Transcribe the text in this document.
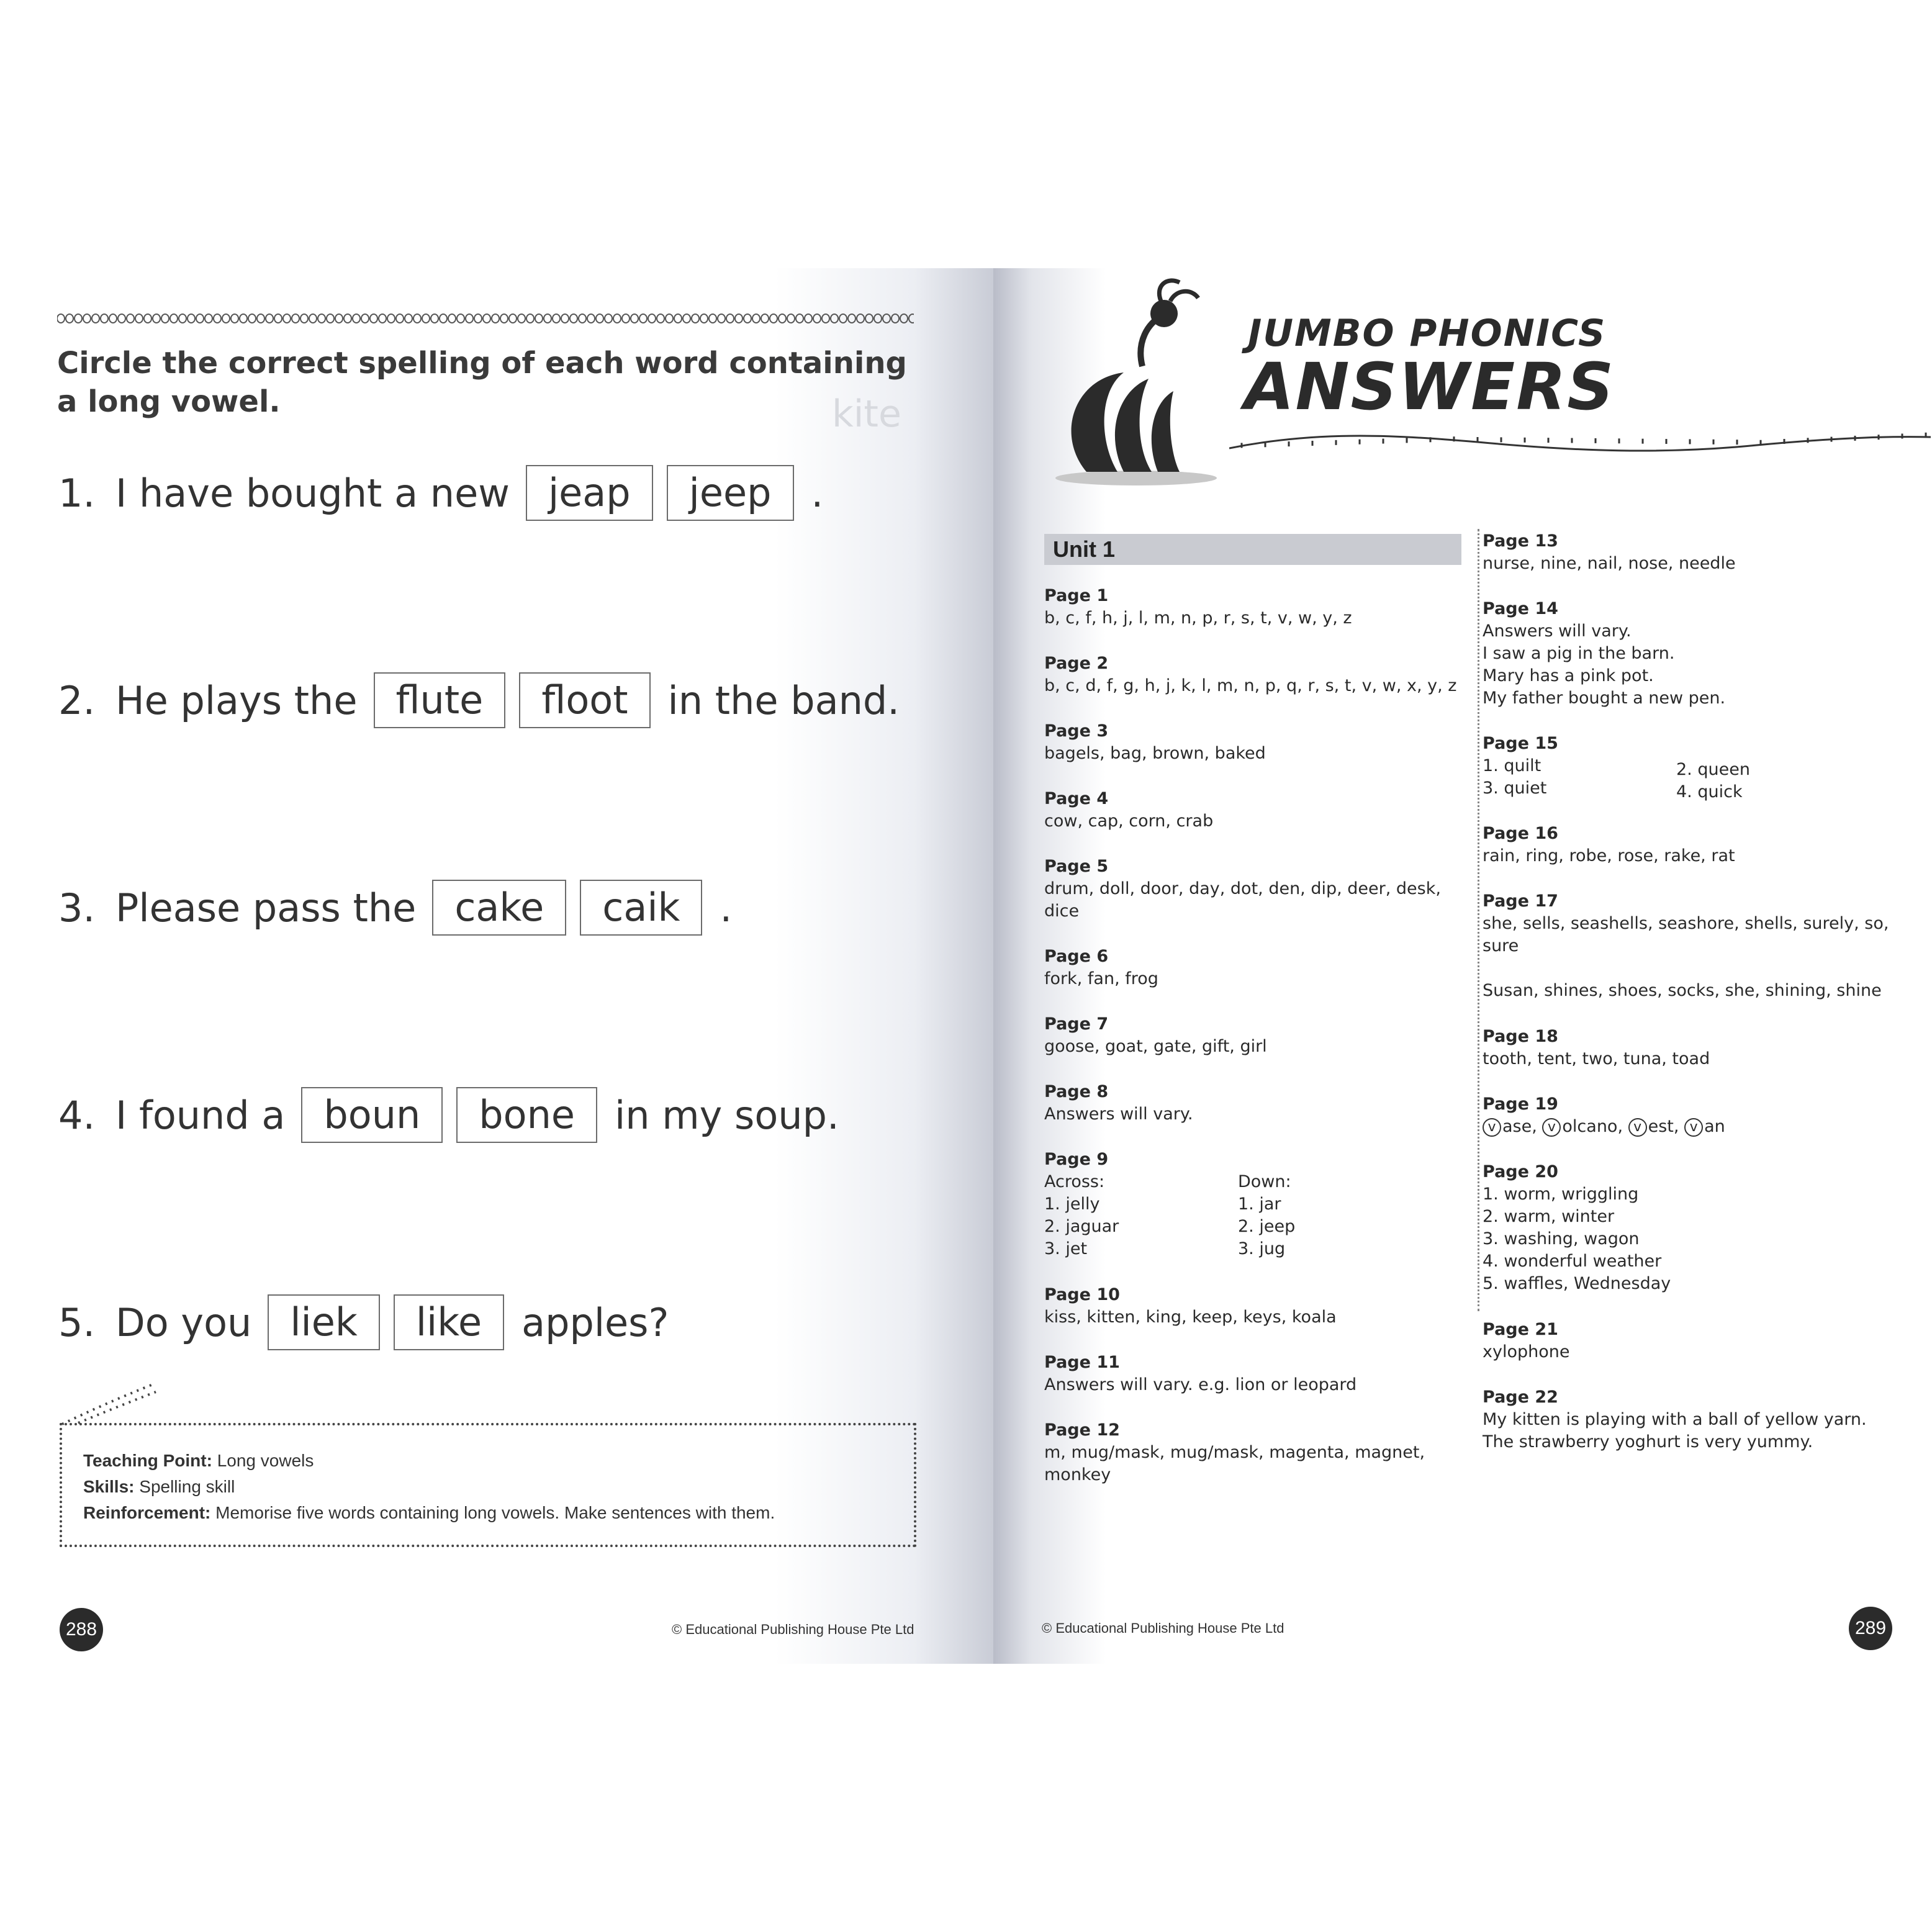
kite
Circle the correct spelling of each word containing a long vowel.
1. I have bought a new	jeap	jeep	.
2. He plays the	flute	floot	in the band.
3. Please pass the	cake	caik	.
4. I found a	boun	bone	in my soup.
5. Do you	liek	like	apples?
Teaching Point: Long vowels
Skills: Spelling skill
Reinforcement: Memorise five words containing long vowels. Make sentences with them.
288	© Educational Publishing House Pte Ltd
JUMBO PHONICS
ANSWERS
Unit 1
Page 1
b, c, f, h, j, l, m, n, p, r, s, t, v, w, y, z
Page 2
b, c, d, f, g, h, j, k, l, m, n, p, q, r, s, t, v, w, x, y, z
Page 3
bagels, bag, brown, baked
Page 4
cow, cap, corn, crab
Page 5
drum, doll, door, day, dot, den, dip, deer, desk,
dice
Page 6
fork, fan, frog
Page 7
goose, goat, gate, gift, girl
Page 8
Answers will vary.
Page 9
Across:
1. jelly
2. jaguar
3. jet
Down:
1. jar
2. jeep
3. jug
Page 10
kiss, kitten, king, keep, keys, koala
Page 11
Answers will vary. e.g. lion or leopard
Page 12
m, mug/mask, mug/mask, magenta, magnet,
monkey
Page 13
nurse, nine, nail, nose, needle
Page 14
Answers will vary.
I saw a pig in the barn.
Mary has a pink pot.
My father bought a new pen.
Page 15
1. quilt
3. quiet
2. queen
4. quick
Page 16
rain, ring, robe, rose, rake, rat
Page 17
she, sells, seashells, seashore, shells, surely, so,
sure
Susan, shines, shoes, socks, she, shining, shine
Page 18
tooth, tent, two, tuna, toad
Page 19
v ase, v olcano, v est, v an
Page 20
1. worm, wriggling
2. warm, winter
3. washing, wagon
4. wonderful weather
5. waffles, Wednesday
Page 21
xylophone
Page 22
My kitten is playing with a ball of yellow yarn.
The strawberry yoghurt is very yummy.
© Educational Publishing House Pte Ltd	289
